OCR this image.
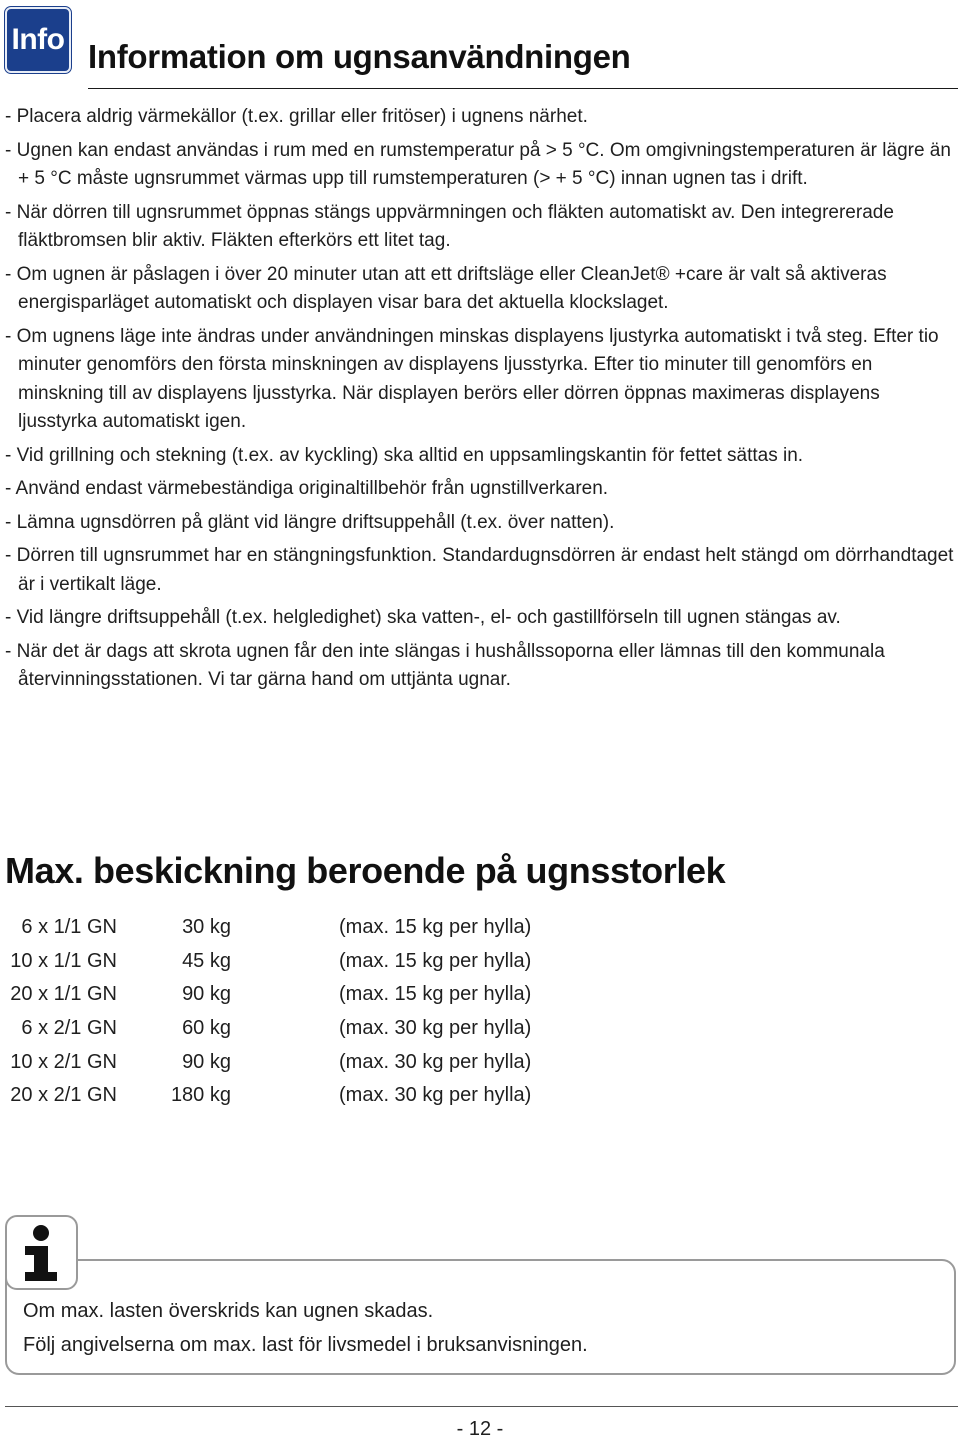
Info Information om ugnsanvändningen
- Placera aldrig värmekällor (t.ex. grillar eller fritöser) i ugnens närhet.
- Ugnen kan endast användas i rum med en rumstemperatur på > 5 °C. Om omgivningstemperaturen är lägre än + 5 °C måste ugnsrummet värmas upp till rumstemperaturen (> + 5 °C) innan ugnen tas i drift.
- När dörren till ugnsrummet öppnas stängs uppvärmningen och fläkten automatiskt av. Den integrererade fläktbromsen blir aktiv. Fläkten efterkörs ett litet tag.
- Om ugnen är påslagen i över 20 minuter utan att ett driftsläge eller CleanJet® +care är valt så aktiveras energisparläget automatiskt och displayen visar bara det aktuella klockslaget.
- Om ugnens läge inte ändras under användningen minskas displayens ljustyrka automatiskt i två steg. Efter tio minuter genomförs den första minskningen av displayens ljusstyrka. Efter tio minuter till genomförs en minskning till av displayens ljusstyrka. När displayen berörs eller dörren öppnas maximeras displayens ljusstyrka automatiskt igen.
- Vid grillning och stekning (t.ex. av kyckling) ska alltid en uppsamlingskantin för fettet sättas in.
- Använd endast värmebeständiga originaltillbehör från ugnstillverkaren.
- Lämna ugnsdörren på glänt vid längre driftsuppehåll (t.ex. över natten).
- Dörren till ugnsrummet har en stängningsfunktion. Standardugnsdörren är endast helt stängd om dörrhandtaget är i vertikalt läge.
- Vid längre driftsuppehåll (t.ex. helgledighet) ska vatten-, el- och gastillförseln till ugnen stängas av.
- När det är dags att skrota ugnen får den inte slängas i hushållssoporna eller lämnas till den kommunala återvinningsstationen. Vi tar gärna hand om uttjänta ugnar.
Max. beskickning beroende på ugnsstorlek
6 x 1/1 GN	30 kg	(max. 15 kg per hylla)
10 x 1/1 GN	45 kg	(max. 15 kg per hylla)
20 x 1/1 GN	90 kg	(max. 15 kg per hylla)
6 x 2/1 GN	60 kg	(max. 30 kg per hylla)
10 x 2/1 GN	90 kg	(max. 30 kg per hylla)
20 x 2/1 GN	180 kg	(max. 30 kg per hylla)
Om max. lasten överskrids kan ugnen skadas.
Följ angivelserna om max. last för livsmedel i bruksanvisningen.
- 12 -
